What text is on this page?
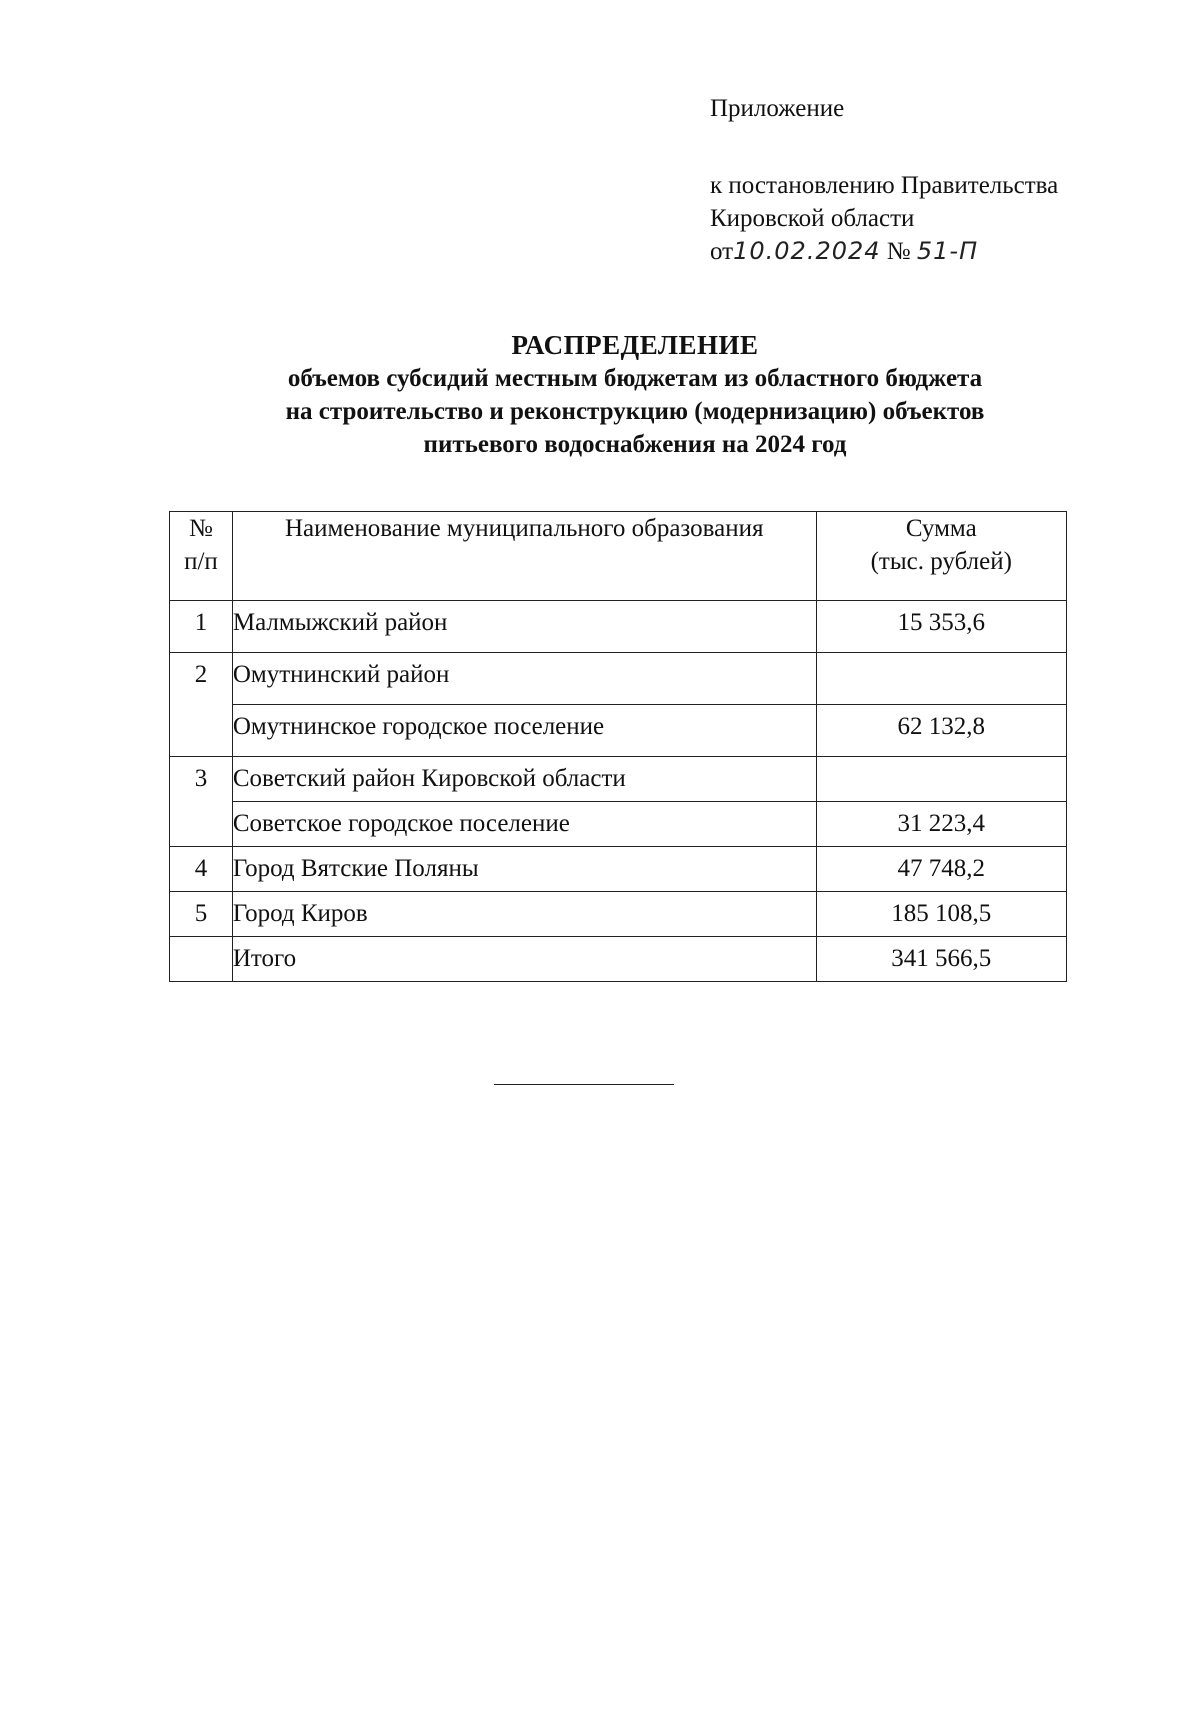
Приложение
к постановлению Правительства
Кировской области
от10.02.2024 № 51-П
РАСПРЕДЕЛЕНИЕ
объемов субсидий местным бюджетам из областного бюджета
на строительство и реконструкцию (модернизацию) объектов
питьевого водоснабжения на 2024 год
№
п/п	Наименование муниципального образования	Сумма
(тыс. рублей)

1	Малмыжский район	15 353,6

2	Омутнинский район	

	Омутнинское городское поселение	62 132,8

3	Советский район Кировской области	

	Советское городское поселение	31 223,4

4	Город Вятские Поляны	47 748,2

5	Город Киров	185 108,5

	Итого	341 566,5
